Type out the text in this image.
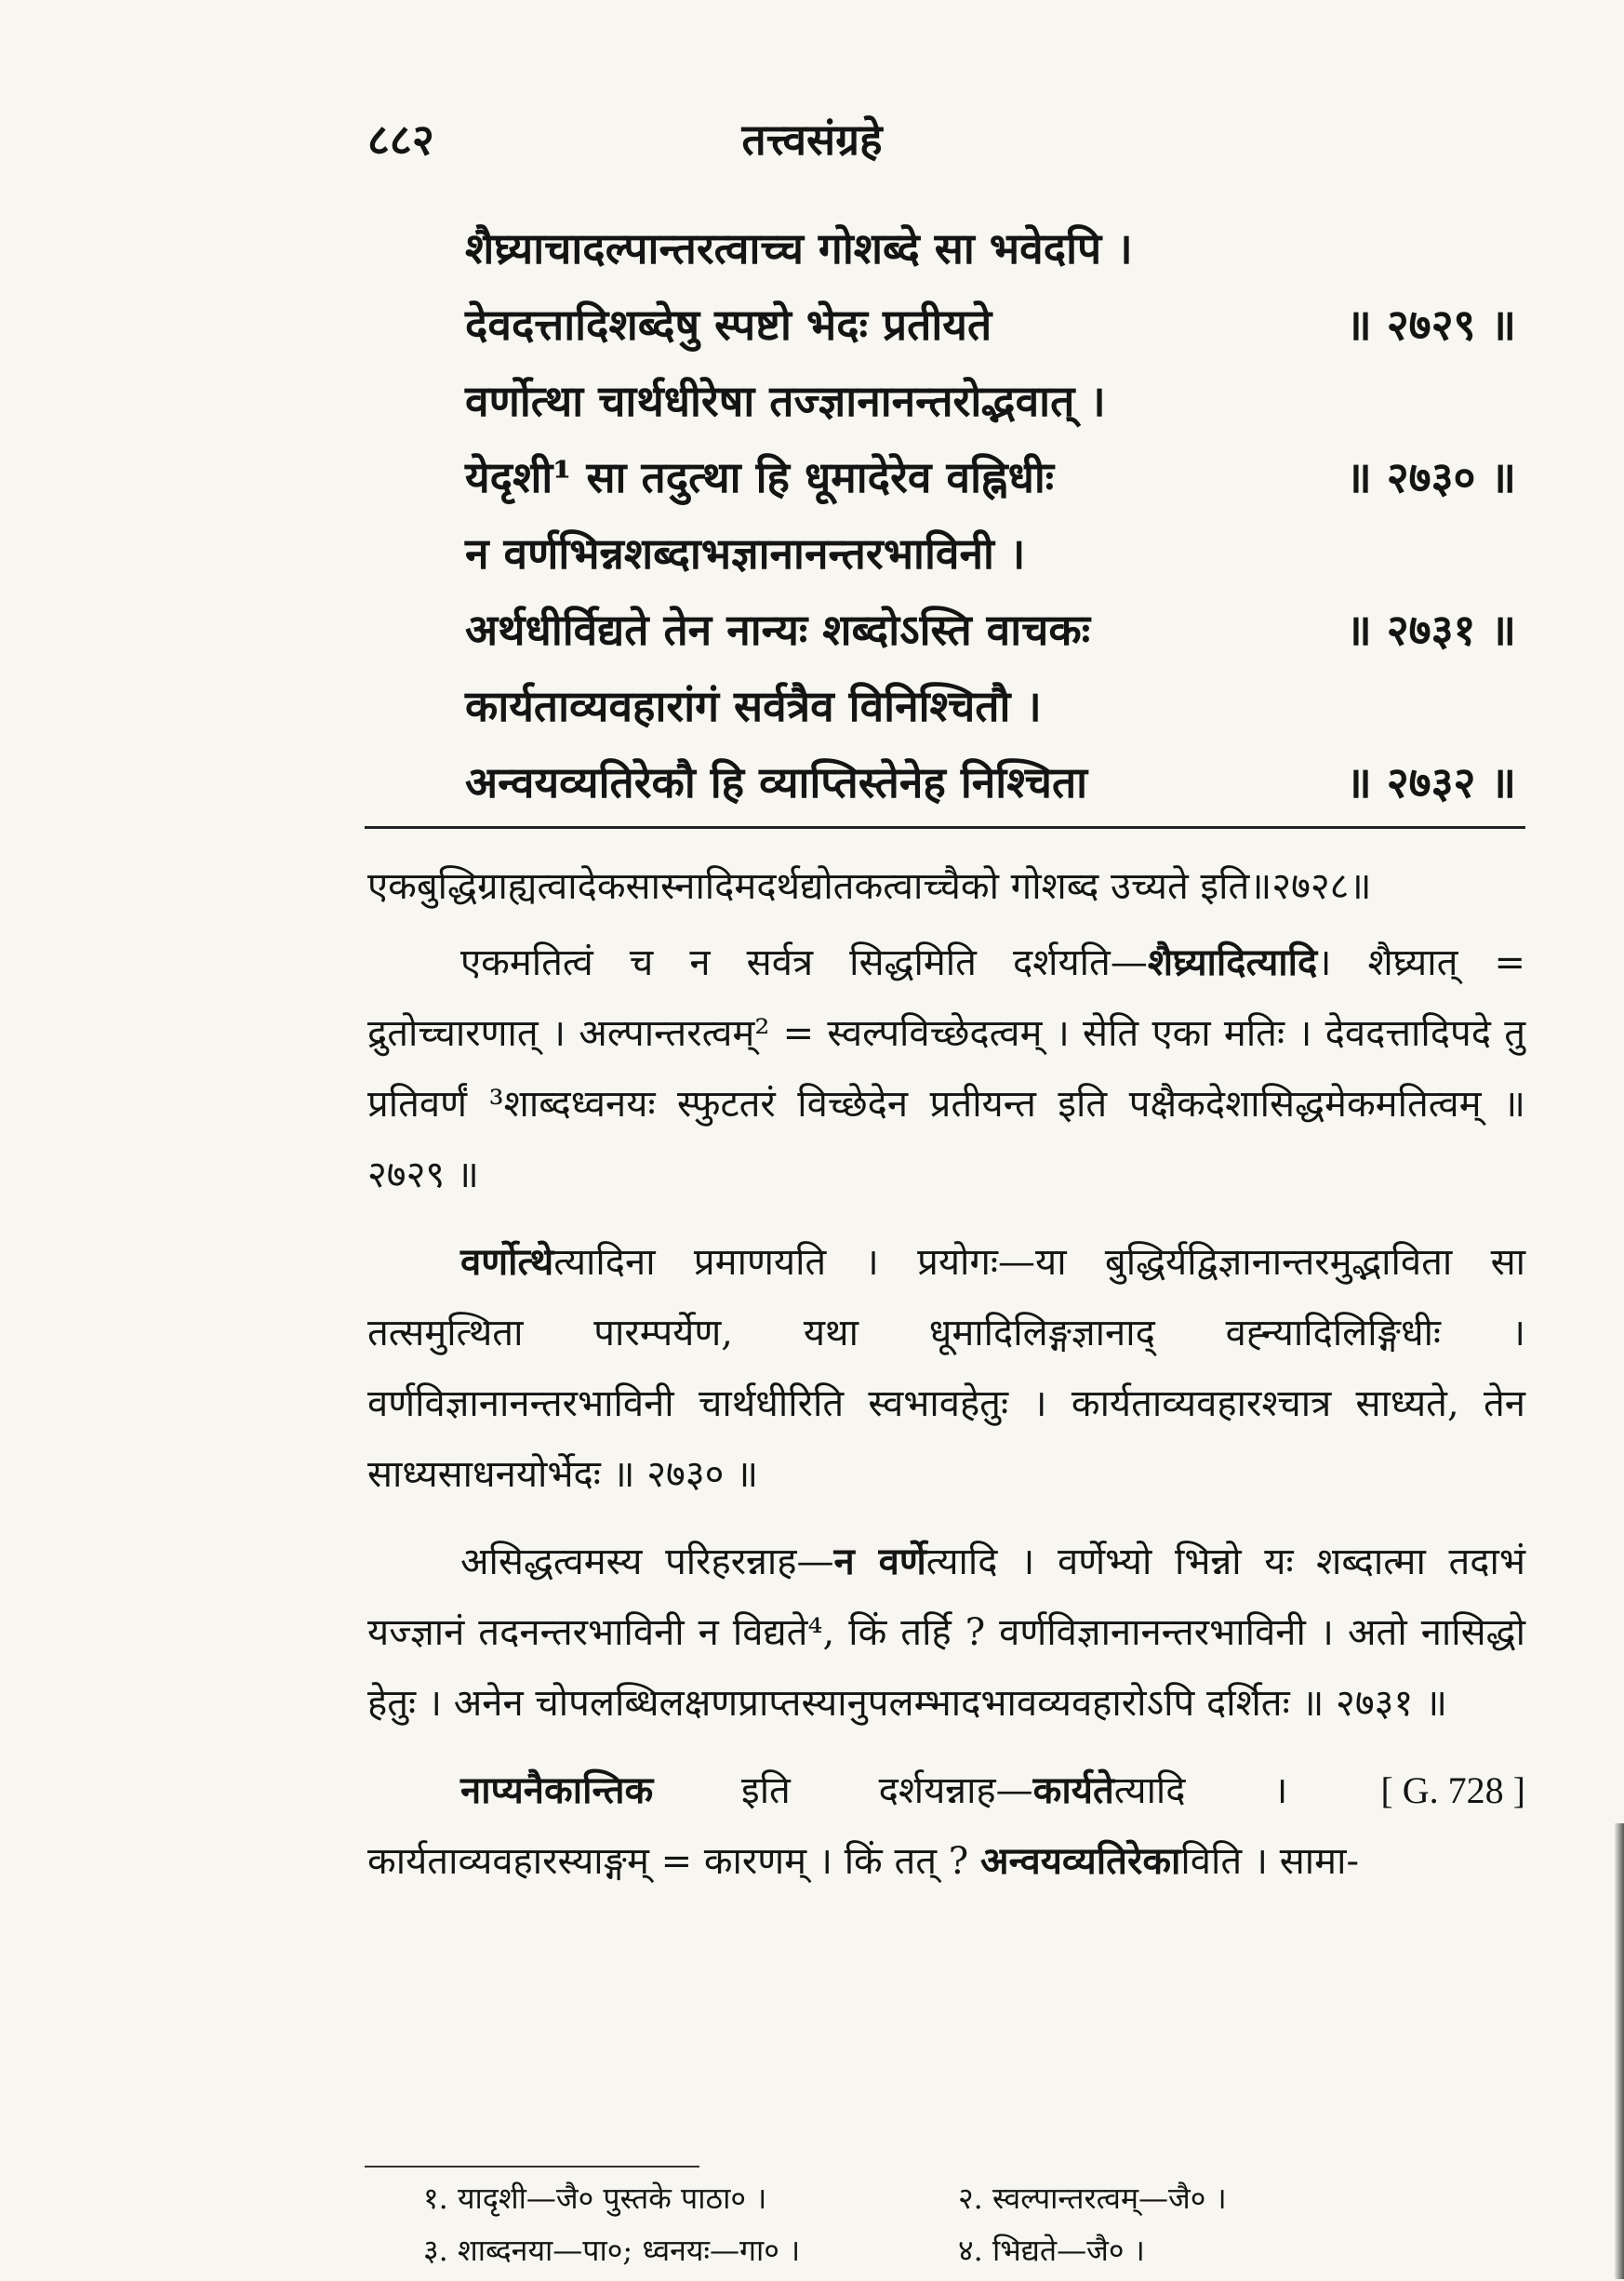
८८२	तत्त्वसंग्रहे
शैघ्र्याचादल्पान्तरत्वाच्च गोशब्दे सा भवेदपि ।
देवदत्तादिशब्देषु स्पष्टो भेदः प्रतीयते	॥ २७२९ ॥
वर्णोत्था चार्थधीरेषा तज्ज्ञानानन्तरोद्भवात् ।
येदृशी¹ सा तदुत्था हि धूमादेरेव वह्निधीः	॥ २७३० ॥
न वर्णभिन्नशब्दाभज्ञानानन्तरभाविनी ।
अर्थधीर्विद्यते तेन नान्यः शब्दोऽस्ति वाचकः	॥ २७३१ ॥
कार्यताव्यवहारांगं सर्वत्रैव विनिश्चितौ ।
अन्वयव्यतिरेकौ हि व्याप्तिस्तेनेह निश्चिता	॥ २७३२ ॥

एकबुद्धिग्राह्यत्वादेकसास्नादिमदर्थद्योतकत्वाच्चैको गोशब्द उच्यते इति॥२७२८॥

एकमतित्वं च न सर्वत्र सिद्धमिति दर्शयति—शैघ्र्यादित्यादि। शैघ्र्यात् = द्रुतोच्चारणात् । अल्पान्तरत्वम्² = स्वल्पविच्छेदत्वम् । सेति एका मतिः । देवदत्तादिपदे तु प्रतिवर्णं ³शाब्दध्वनयः स्फुटतरं विच्छेदेन प्रतीयन्त इति पक्षैकदेशासिद्धमेकमतित्वम् ॥ २७२९ ॥

वर्णोत्थेत्यादिना प्रमाणयति । प्रयोगः—या बुद्धिर्यद्विज्ञानान्तरमुद्भाविता सा तत्समुत्थिता पारम्पर्येण, यथा धूमादिलिङ्गज्ञानाद् वह्न्यादिलिङ्गिधीः । वर्णविज्ञानानन्तरभाविनी चार्थधीरिति स्वभावहेतुः । कार्यताव्यवहारश्चात्र साध्यते, तेन साध्यसाधनयोर्भेदः ॥ २७३० ॥

असिद्धत्वमस्य परिहरन्नाह—न वर्णेत्यादि । वर्णेभ्यो भिन्नो यः शब्दात्मा तदाभं यज्ज्ञानं तदनन्तरभाविनी न विद्यते⁴, किं तर्हि ? वर्णविज्ञानानन्तरभाविनी । अतो नासिद्धो हेतुः । अनेन चोपलब्धिलक्षणप्राप्तस्यानुपलम्भादभावव्यवहारोऽपि दर्शितः ॥ २७३१ ॥

[ G. 728 ]
नाप्यनैकान्तिक इति दर्शयन्नाह—कार्यतेत्यादि । कार्यताव्यवहारस्याङ्गम् = कारणम् । किं तत् ? अन्वयव्यतिरेकाविति । सामा-

१. यादृशी—जै० पुस्तके पाठा० ।	२. स्वल्पान्तरत्वम्—जै० ।
३. शाब्दनया—पा०; ध्वनयः—गा० ।	४. भिद्यते—जै० ।
